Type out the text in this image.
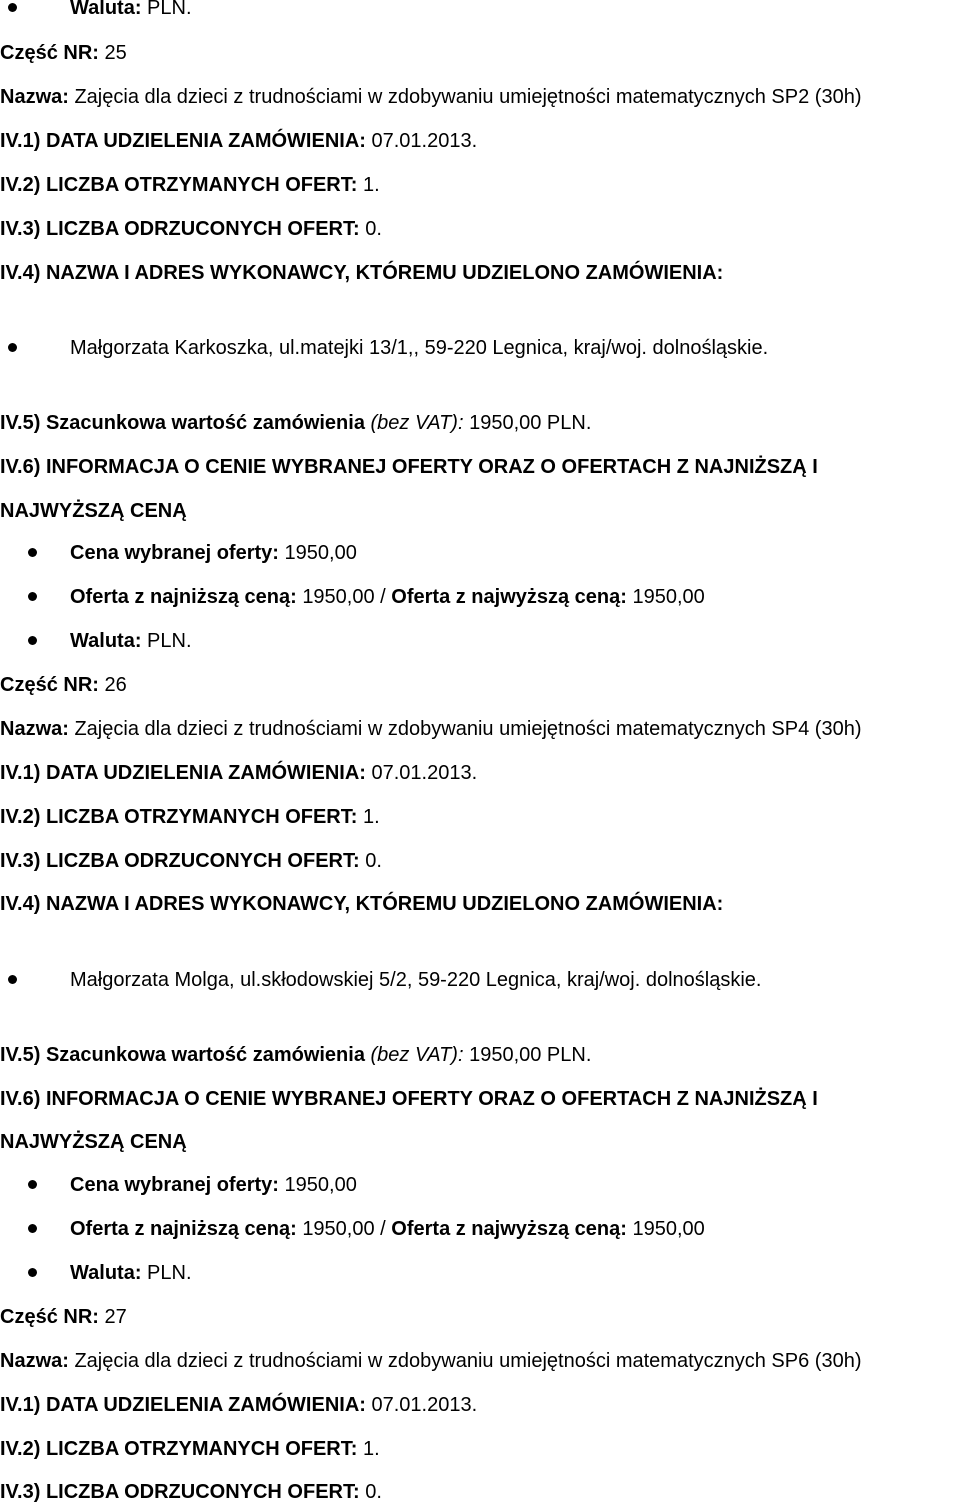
Waluta: PLN.
Część NR: 25
Nazwa: Zajęcia dla dzieci z trudnościami w zdobywaniu umiejętności matematycznych SP2 (30h)
IV.1) DATA UDZIELENIA ZAMÓWIENIA: 07.01.2013.
IV.2) LICZBA OTRZYMANYCH OFERT: 1.
IV.3) LICZBA ODRZUCONYCH OFERT: 0.
IV.4) NAZWA I ADRES WYKONAWCY, KTÓREMU UDZIELONO ZAMÓWIENIA:
Małgorzata Karkoszka, ul.matejki 13/1,, 59-220 Legnica, kraj/woj. dolnośląskie.
IV.5) Szacunkowa wartość zamówienia (bez VAT): 1950,00 PLN.
IV.6) INFORMACJA O CENIE WYBRANEJ OFERTY ORAZ O OFERTACH Z NAJNIŻSZĄ I
NAJWYŻSZĄ CENĄ
Cena wybranej oferty: 1950,00
Oferta z najniższą ceną: 1950,00 / Oferta z najwyższą ceną: 1950,00
Waluta: PLN.
Część NR: 26
Nazwa: Zajęcia dla dzieci z trudnościami w zdobywaniu umiejętności matematycznych SP4 (30h)
IV.1) DATA UDZIELENIA ZAMÓWIENIA: 07.01.2013.
IV.2) LICZBA OTRZYMANYCH OFERT: 1.
IV.3) LICZBA ODRZUCONYCH OFERT: 0.
IV.4) NAZWA I ADRES WYKONAWCY, KTÓREMU UDZIELONO ZAMÓWIENIA:
Małgorzata Molga, ul.skłodowskiej 5/2, 59-220 Legnica, kraj/woj. dolnośląskie.
IV.5) Szacunkowa wartość zamówienia (bez VAT): 1950,00 PLN.
IV.6) INFORMACJA O CENIE WYBRANEJ OFERTY ORAZ O OFERTACH Z NAJNIŻSZĄ I
NAJWYŻSZĄ CENĄ
Cena wybranej oferty: 1950,00
Oferta z najniższą ceną: 1950,00 / Oferta z najwyższą ceną: 1950,00
Waluta: PLN.
Część NR: 27
Nazwa: Zajęcia dla dzieci z trudnościami w zdobywaniu umiejętności matematycznych SP6 (30h)
IV.1) DATA UDZIELENIA ZAMÓWIENIA: 07.01.2013.
IV.2) LICZBA OTRZYMANYCH OFERT: 1.
IV.3) LICZBA ODRZUCONYCH OFERT: 0.
